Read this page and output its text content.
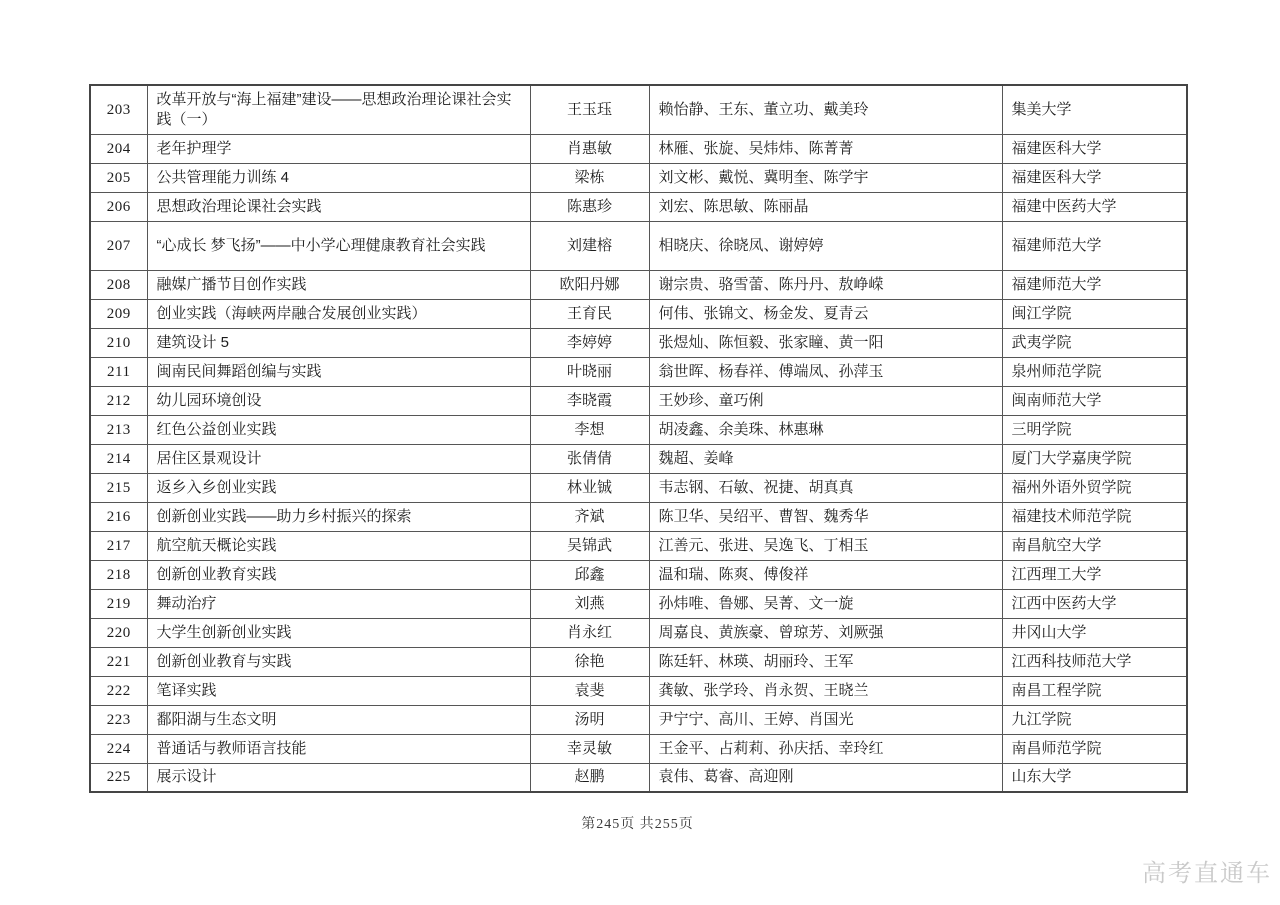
203	改革开放与“海上福建”建设——思想政治理论课社会实践（一）	王玉珏	赖怡静、王东、董立功、戴美玲	集美大学
204	老年护理学	肖惠敏	林雁、张旋、吴炜炜、陈菁菁	福建医科大学
205	公共管理能力训练 4	梁栋	刘文彬、戴悦、冀明奎、陈学宇	福建医科大学
206	思想政治理论课社会实践	陈惠珍	刘宏、陈思敏、陈丽晶	福建中医药大学
207	“心成长 梦飞扬”——中小学心理健康教育社会实践	刘建榕	相晓庆、徐晓凤、谢婷婷	福建师范大学
208	融媒广播节目创作实践	欧阳丹娜	谢宗贵、骆雪蕾、陈丹丹、敖峥嵘	福建师范大学
209	创业实践（海峡两岸融合发展创业实践）	王育民	何伟、张锦文、杨金发、夏青云	闽江学院
210	建筑设计 5	李婷婷	张煜灿、陈恒毅、张家瞳、黄一阳	武夷学院
211	闽南民间舞蹈创编与实践	叶晓丽	翁世晖、杨春祥、傅端凤、孙萍玉	泉州师范学院
212	幼儿园环境创设	李晓霞	王妙珍、童巧俐	闽南师范大学
213	红色公益创业实践	李想	胡凌鑫、余美珠、林惠琳	三明学院
214	居住区景观设计	张倩倩	魏超、姜峰	厦门大学嘉庚学院
215	返乡入乡创业实践	林业铖	韦志钢、石敏、祝捷、胡真真	福州外语外贸学院
216	创新创业实践——助力乡村振兴的探索	齐斌	陈卫华、吴绍平、曹智、魏秀华	福建技术师范学院
217	航空航天概论实践	吴锦武	江善元、张进、吴逸飞、丁相玉	南昌航空大学
218	创新创业教育实践	邱鑫	温和瑞、陈爽、傅俊祥	江西理工大学
219	舞动治疗	刘燕	孙炜唯、鲁娜、吴菁、文一旋	江西中医药大学
220	大学生创新创业实践	肖永红	周嘉良、黄族豪、曾琼芳、刘厥强	井冈山大学
221	创新创业教育与实践	徐艳	陈廷轩、林瑛、胡丽玲、王军	江西科技师范大学
222	笔译实践	袁斐	龚敏、张学玲、肖永贺、王晓兰	南昌工程学院
223	鄱阳湖与生态文明	汤明	尹宁宁、高川、王婷、肖国光	九江学院
224	普通话与教师语言技能	幸灵敏	王金平、占莉莉、孙庆括、幸玲红	南昌师范学院
225	展示设计	赵鹏	袁伟、葛睿、高迎刚	山东大学
第245页 共255页
高考直通车
